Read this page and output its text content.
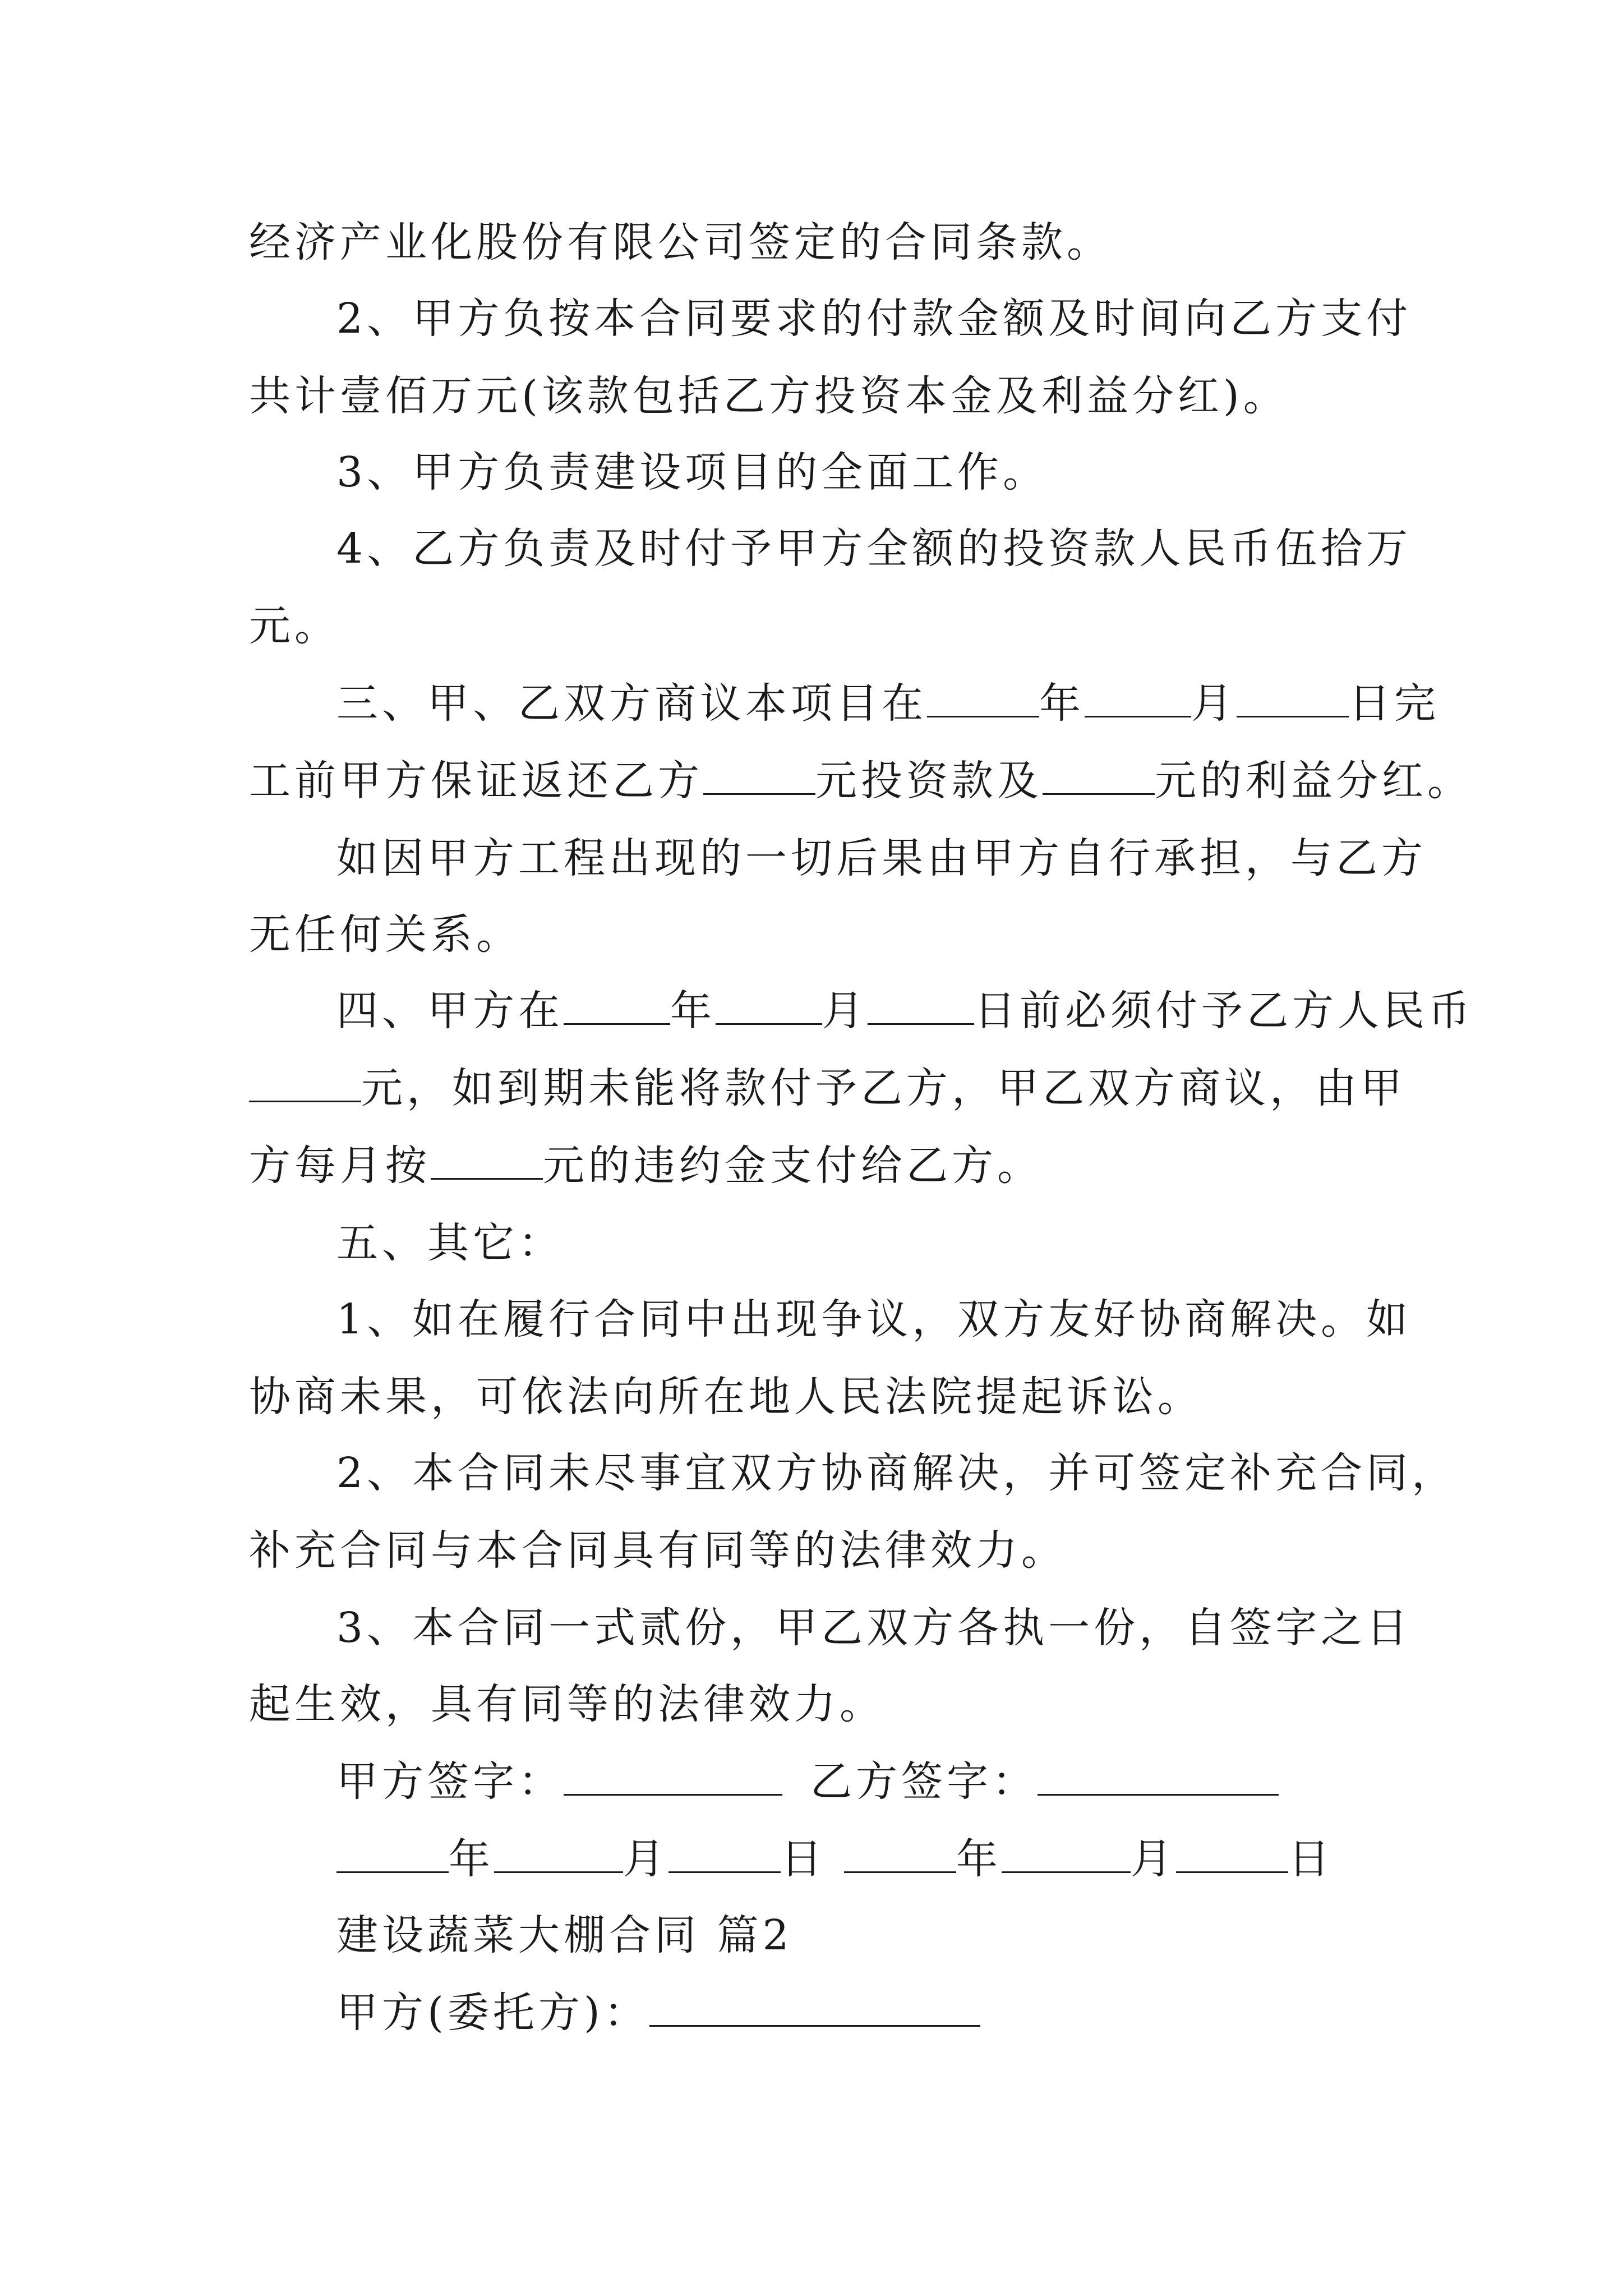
经济产业化股份有限公司签定的合同条款。
2、甲方负按本合同要求的付款金额及时间向乙方支付
共计壹佰万元(该款包括乙方投资本金及利益分红)。
3、甲方负责建设项目的全面工作。
4、乙方负责及时付予甲方全额的投资款人民币伍拾万
元。
三、甲、乙双方商议本项目在	年	月	日完
工前甲方保证返还乙方	元投资款及	元的利益分红。
如因甲方工程出现的一切后果由甲方自行承担，与乙方
无任何关系。
四、甲方在	年	月	日前必须付予乙方人民币
元，如到期未能将款付予乙方，甲乙双方商议，由甲
方每月按	元的违约金支付给乙方。
五、其它：
1、如在履行合同中出现争议，双方友好协商解决。如
协商未果，可依法向所在地人民法院提起诉讼。
2、本合同未尽事宜双方协商解决，并可签定补充合同，
补充合同与本合同具有同等的法律效力。
3、本合同一式贰份，甲乙双方各执一份，自签字之日
起生效，具有同等的法律效力。
甲方签字：	乙方签字：
年	月	日	年	月	日
建设蔬菜大棚合同 篇2
甲方(委托方)：
